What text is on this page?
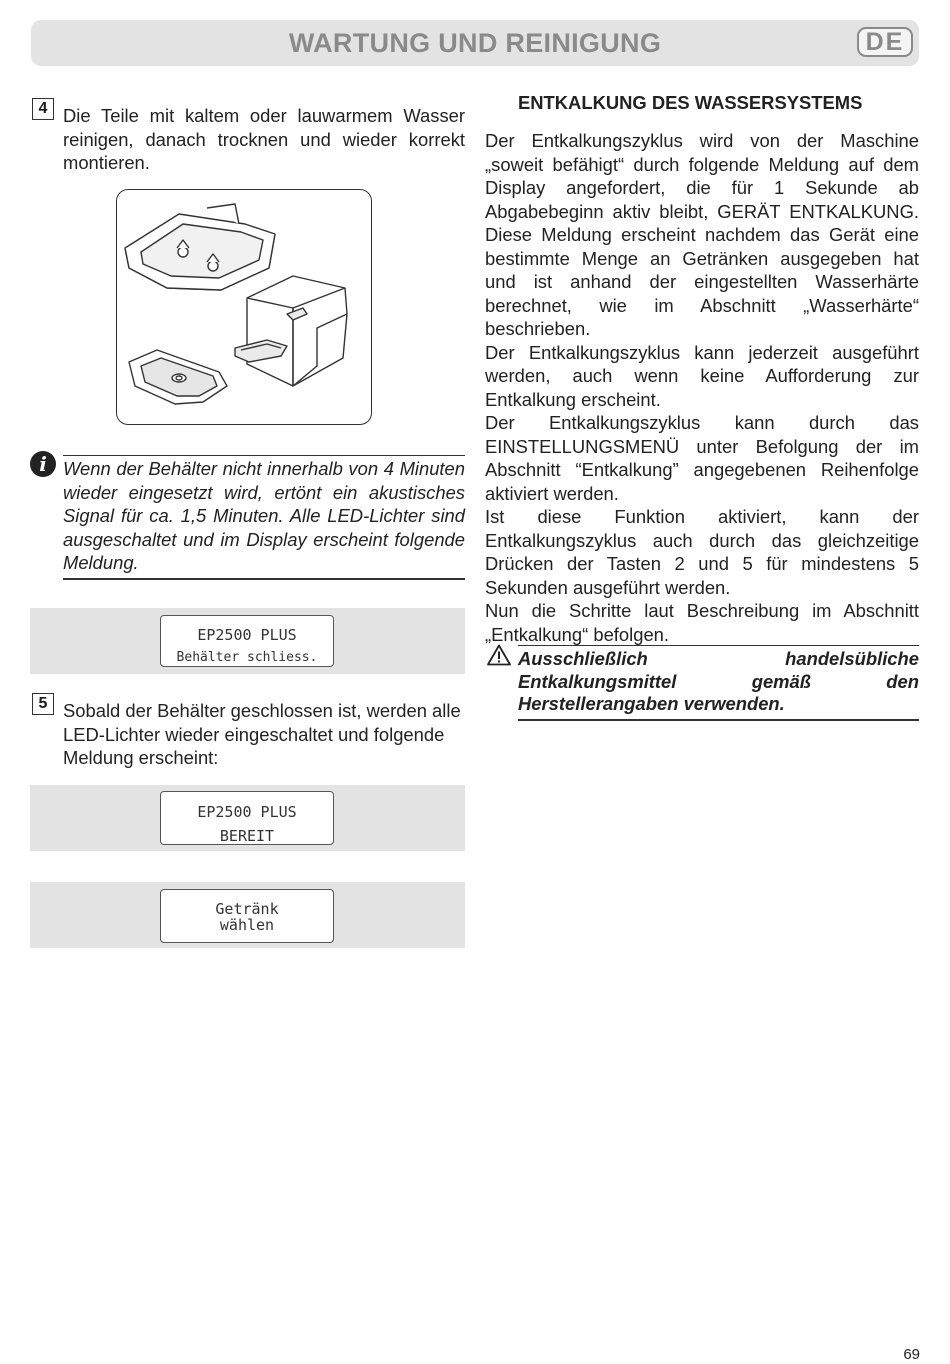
WARTUNG UND REINIGUNG	DE
4 Die Teile mit kaltem oder lauwarmem Wasser reinigen, danach trocknen und wieder korrekt montieren.
i Wenn der Behälter nicht innerhalb von 4 Minuten wieder eingesetzt wird, ertönt ein akustisches Signal für ca. 1,5 Minuten. Alle LED-Lichter sind ausgeschaltet und im Display erscheint folgende Meldung.
EP2500 PLUS
Behälter schliess.
5 Sobald der Behälter geschlossen ist, werden alle LED-Lichter wieder eingeschaltet und folgende Meldung erscheint:
EP2500 PLUS
BEREIT
Getränk
wählen
ENTKALKUNG DES WASSERSYSTEMS

Der Entkalkungszyklus wird von der Maschine „soweit befähigt“ durch folgende Meldung auf dem Display angefordert, die für 1 Sekunde ab Abgabebeginn aktiv bleibt, GERÄT ENTKALKUNG. Diese Meldung erscheint nachdem das Gerät eine bestimmte Menge an Getränken ausgegeben hat und ist anhand der eingestellten Wasserhärte berechnet, wie im Abschnitt „Wasserhärte“ beschrieben.

Der Entkalkungszyklus kann jederzeit ausgeführt werden, auch wenn keine Aufforderung zur Entkalkung erscheint.

Der Entkalkungszyklus kann durch das EINSTELLUNGSMENÜ unter Befolgung der im Abschnitt “Entkalkung” angegebenen Reihenfolge aktiviert werden.

Ist diese Funktion aktiviert, kann der Entkalkungszyklus auch durch das gleichzeitige Drücken der Tasten 2 und 5 für mindestens 5 Sekunden ausgeführt werden.

Nun die Schritte laut Beschreibung im Abschnitt „Entkalkung“ befolgen.

Ausschließlich handelsübliche Entkalkungsmittel gemäß den Herstellerangaben verwenden.
69
